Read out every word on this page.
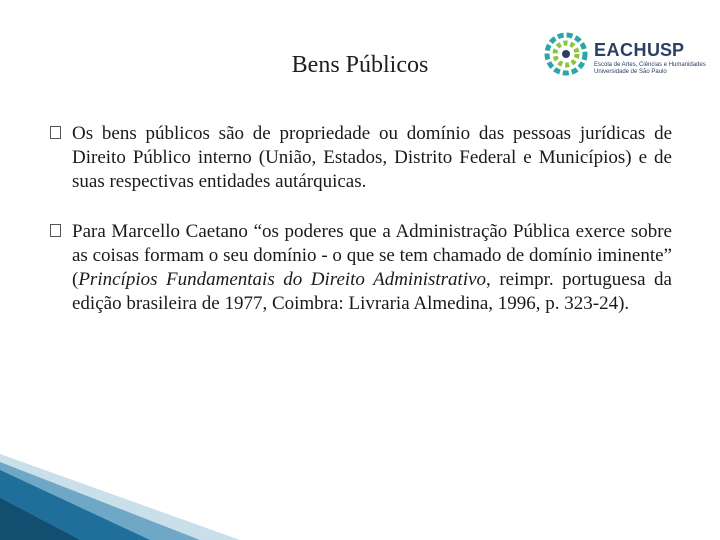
Bens Públicos
EACH USP
Escola de Artes, Ciências e Humanidades
Universidade de São Paulo
Os bens públicos são de propriedade ou domínio das pessoas jurídicas de Direito Público interno (União, Estados, Distrito Federal e Municípios) e de suas respectivas entidades autárquicas.
Para Marcello Caetano “os poderes que a Administração Pública exerce sobre as coisas formam o seu domínio - o que se tem chamado de domínio iminente” (Princípios Fundamentais do Direito Administrativo, reimpr. portuguesa da edição brasileira de 1977, Coimbra: Livraria Almedina, 1996, p. 323-24).
